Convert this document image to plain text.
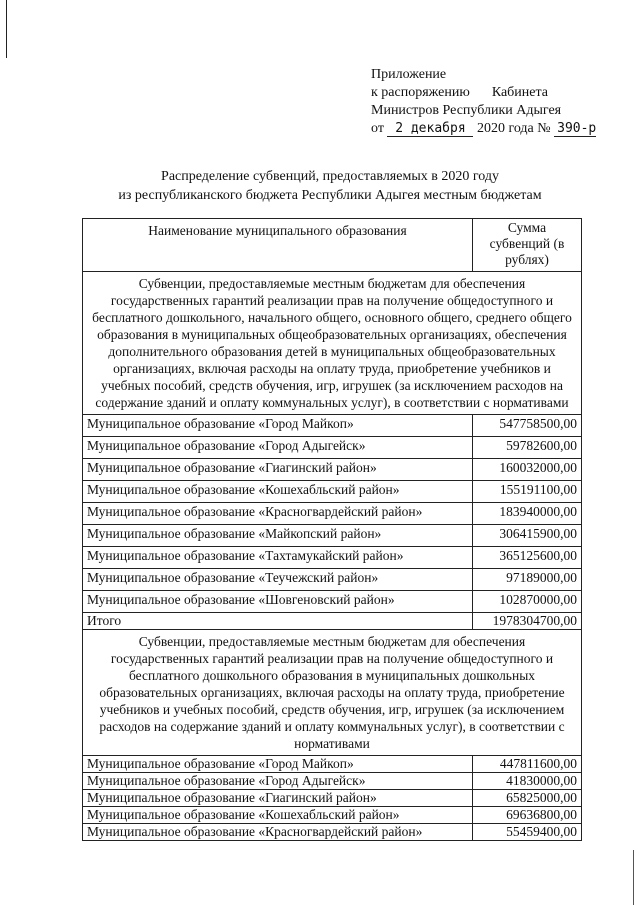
Приложение
к распоряжению Кабинета
Министров Республики Адыгея
от 2 декабря 2020 года № 390-р
Распределение субвенций, предоставляемых в 2020 году
из республиканского бюджета Республики Адыгея местным бюджетам
Наименование муниципального образования	Сумма субвенций (в рублях)
Субвенции, предоставляемые местным бюджетам для обеспечения государственных гарантий реализации прав на получение общедоступного и бесплатного дошкольного, начального общего, основного общего, среднего общего образования в муниципальных общеобразовательных организациях, обеспечения дополнительного образования детей в муниципальных общеобразовательных организациях, включая расходы на оплату труда, приобретение учебников и учебных пособий, средств обучения, игр, игрушек (за исключением расходов на содержание зданий и оплату коммунальных услуг), в соответствии с нормативами	
Муниципальное образование «Город Майкоп»	547758500,00
Муниципальное образование «Город Адыгейск»	59782600,00
Муниципальное образование «Гиагинский район»	160032000,00
Муниципальное образование «Кошехабльский район»	155191100,00
Муниципальное образование «Красногвардейский район»	183940000,00
Муниципальное образование «Майкопский район»	306415900,00
Муниципальное образование «Тахтамукайский район»	365125600,00
Муниципальное образование «Теучежский район»	97189000,00
Муниципальное образование «Шовгеновский район»	102870000,00
Итого	1978304700,00
Субвенции, предоставляемые местным бюджетам для обеспечения государственных гарантий реализации прав на получение общедоступного и бесплатного дошкольного образования в муниципальных дошкольных образовательных организациях, включая расходы на оплату труда, приобретение учебников и учебных пособий, средств обучения, игр, игрушек (за исключением расходов на содержание зданий и оплату коммунальных услуг), в соответствии с нормативами	
Муниципальное образование «Город Майкоп»	447811600,00
Муниципальное образование «Город Адыгейск»	41830000,00
Муниципальное образование «Гиагинский район»	65825000,00
Муниципальное образование «Кошехабльский район»	69636800,00
Муниципальное образование «Красногвардейский район»	55459400,00
